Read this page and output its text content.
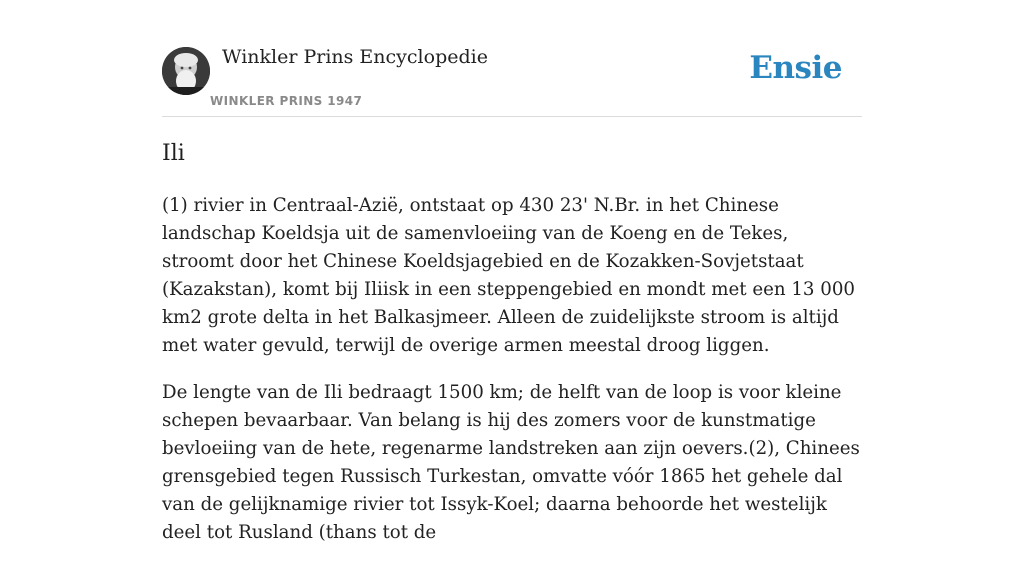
Winkler Prins Encyclopedie
WINKLER PRINS 1947
Ensie
Ili

(1) rivier in Centraal-Azië, ontstaat op 430 23' N.Br. in het Chinese landschap Koeldsja uit de samenvloeiing van de Koeng en de Tekes, stroomt door het Chinese Koeldsjagebied en de Kozakken-Sovjetstaat (Kazakstan), komt bij Iliisk in een steppengebied en mondt met een 13 000 km2 grote delta in het Balkasjmeer. Alleen de zuidelijkste stroom is altijd met water gevuld, terwijl de overige armen meestal droog liggen.

De lengte van de Ili bedraagt 1500 km; de helft van de loop is voor kleine schepen bevaarbaar. Van belang is hij des zomers voor de kunstmatige bevloeiing van de hete, regenarme landstreken aan zijn oevers.(2), Chinees grensgebied tegen Russisch Turkestan, omvatte vóór 1865 het gehele dal van de gelijknamige rivier tot Issyk-Koel; daarna behoorde het westelijk deel tot Rusland (thans tot de
